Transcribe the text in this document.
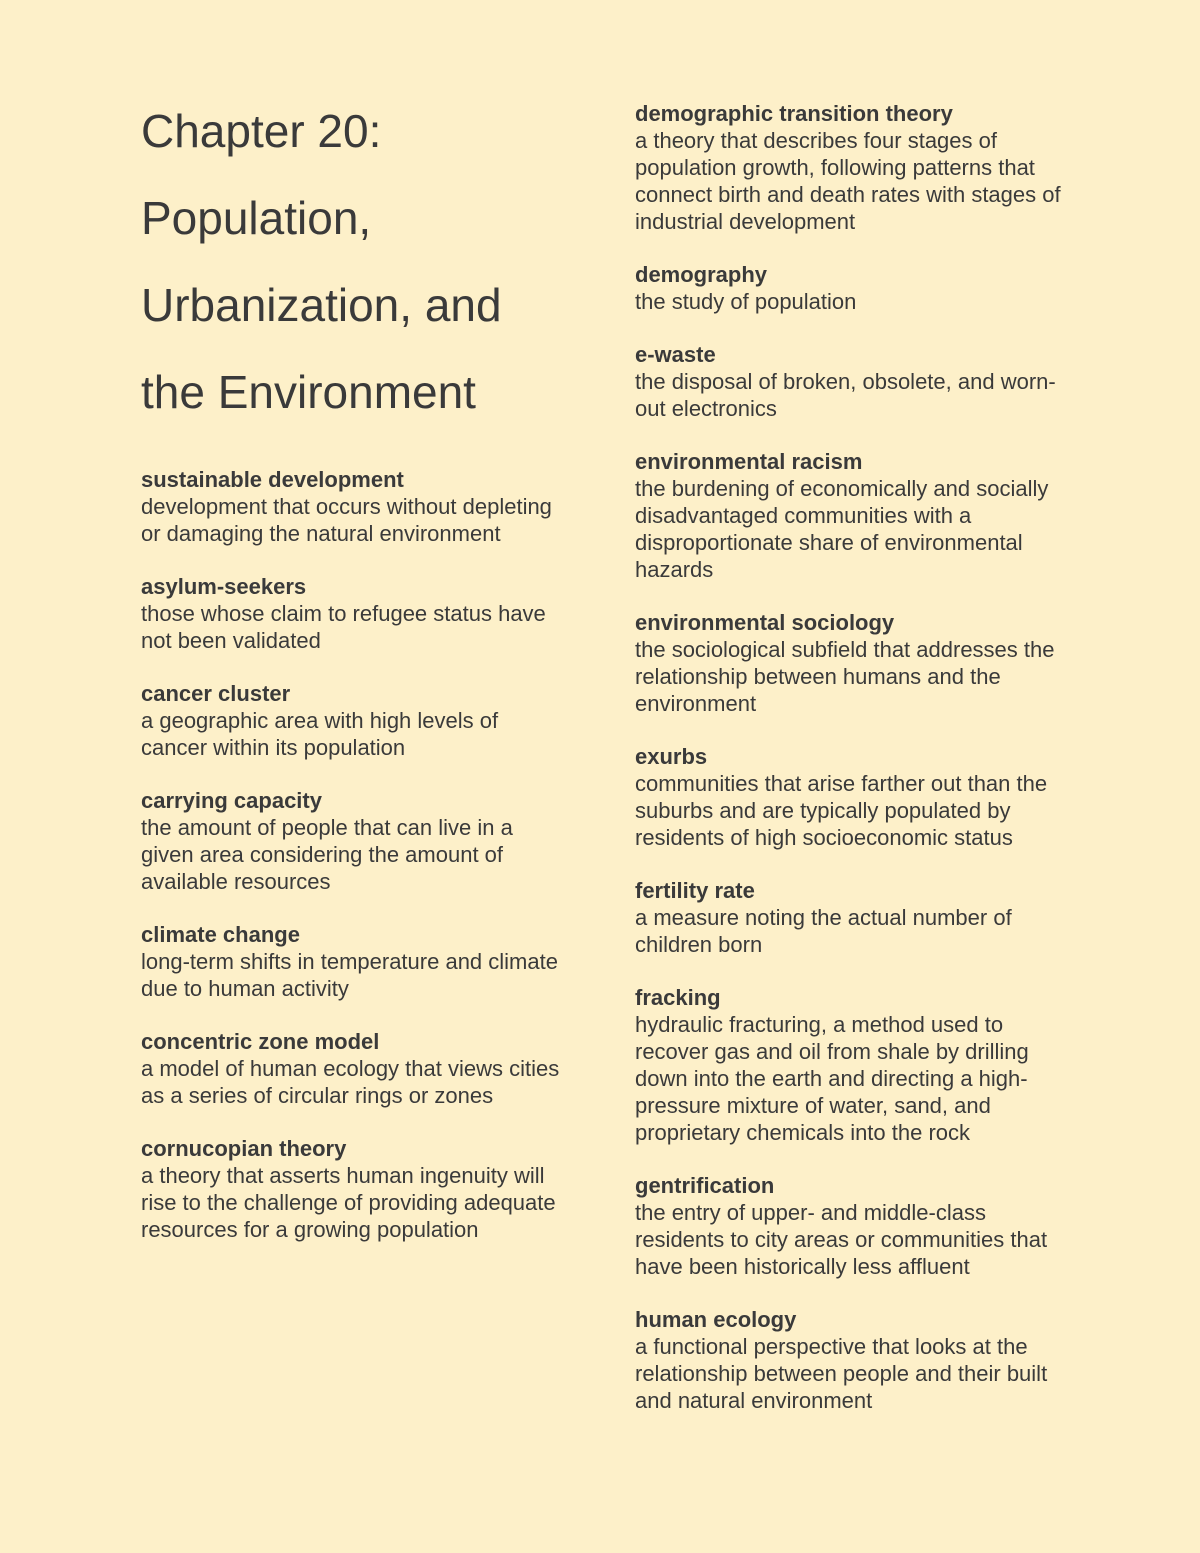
Chapter 20:
Population,
Urbanization, and
the Environment
sustainable development
development that occurs without depleting or damaging the natural environment
asylum-seekers
those whose claim to refugee status have not been validated
cancer cluster
a geographic area with high levels of cancer within its population
carrying capacity
the amount of people that can live in a given area considering the amount of available resources
climate change
long-term shifts in temperature and climate due to human activity
concentric zone model
a model of human ecology that views cities as a series of circular rings or zones
cornucopian theory
a theory that asserts human ingenuity will rise to the challenge of providing adequate resources for a growing population
demographic transition theory
a theory that describes four stages of population growth, following patterns that connect birth and death rates with stages of industrial development
demography
the study of population
e-waste
the disposal of broken, obsolete, and worn-out electronics
environmental racism
the burdening of economically and socially disadvantaged communities with a disproportionate share of environmental hazards
environmental sociology
the sociological subfield that addresses the relationship between humans and the environment
exurbs
communities that arise farther out than the suburbs and are typically populated by residents of high socioeconomic status
fertility rate
a measure noting the actual number of children born
fracking
hydraulic fracturing, a method used to recover gas and oil from shale by drilling down into the earth and directing a high-pressure mixture of water, sand, and proprietary chemicals into the rock
gentrification
the entry of upper- and middle-class residents to city areas or communities that have been historically less affluent
human ecology
a functional perspective that looks at the relationship between people and their built and natural environment
